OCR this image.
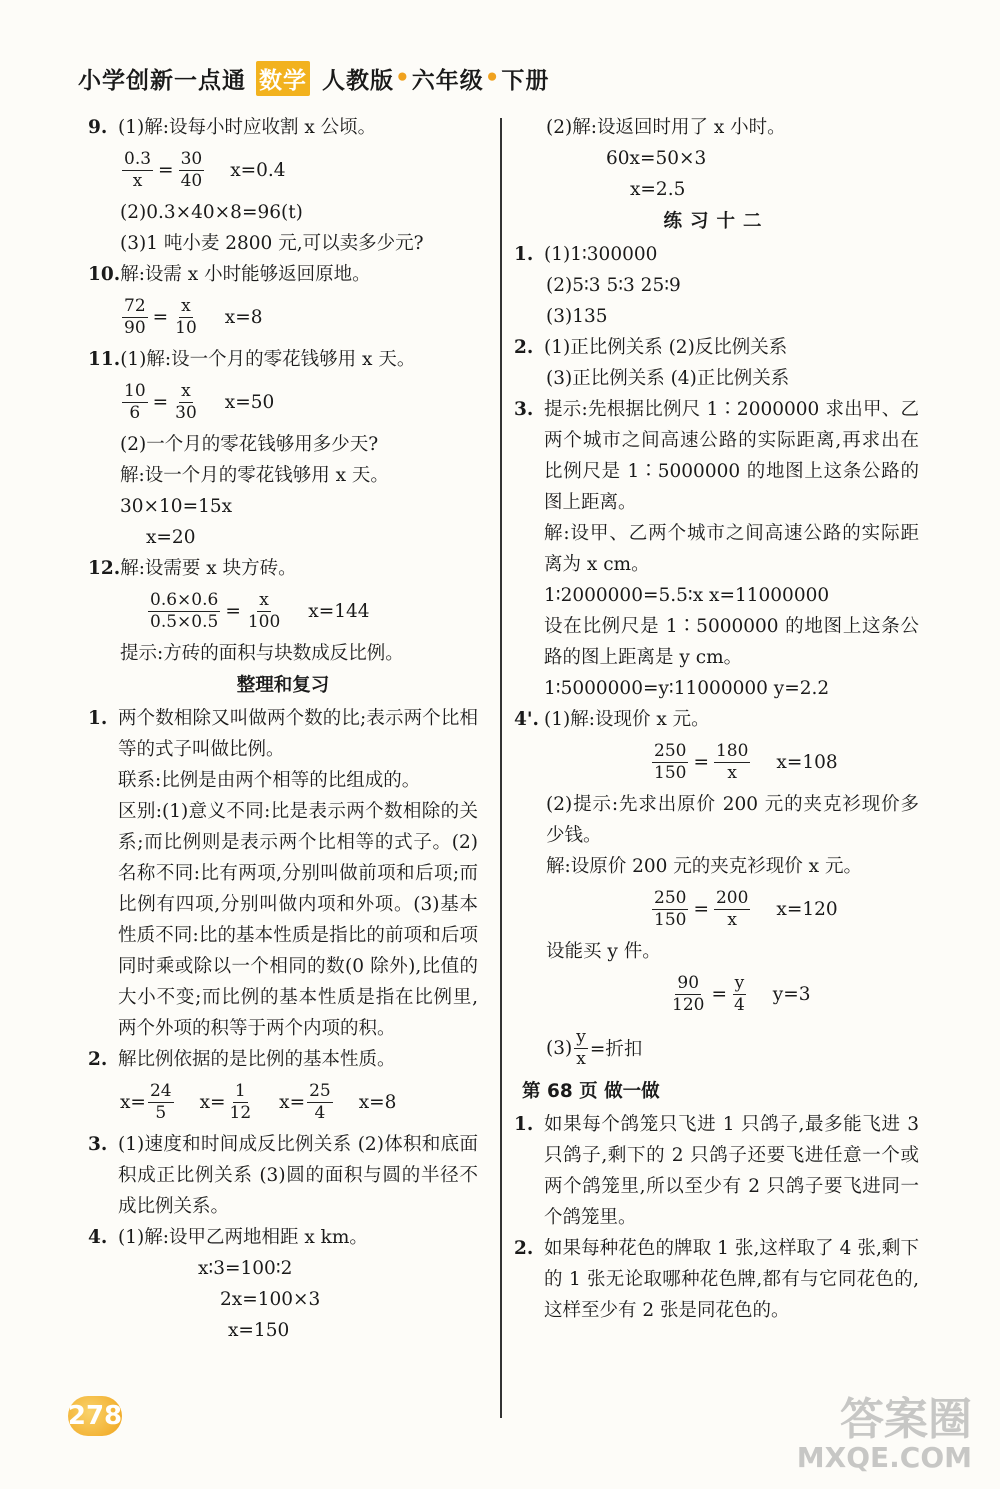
小学创新一点通 数学 人教版 • 六年级 • 下册

9. (1)解:设每小时应收割 x 公顷。

$\frac{0.3}{x} = \frac{30}{40} x=0.4$

(2)0.3×40×8=96(t)

(3)1 吨小麦 2800 元,可以卖多少元?

10.解:设需 x 小时能够返回原地。

$\frac{72}{90} = \frac{x}{10} x=8$

11.(1)解:设一个月的零花钱够用 x 天。

$\frac{10}{6} = \frac{x}{30} x=50$

(2)一个月的零花钱够用多少天?

解:设一个月的零花钱够用 x 天。

30×10=15x

x=20

12.解:设需要 x 块方砖。

$\frac{0.6\times 0.6}{0.5\times 0.5} = \frac{x}{100} x=144$

提示:方砖的面积与块数成反比例。

整理和复习
1. 两个数相除又叫做两个数的比;表示两个比相等的式子叫做比例。

联系:比例是由两个相等的比组成的。

区别:(1)意义不同:比是表示两个数相除的关系;而比例则是表示两个比相等的式子。(2)名称不同:比有两项,分别叫做前项和后项;而比例有四项,分别叫做内项和外项。(3)基本性质不同:比的基本性质是指比的前项和后项同时乘或除以一个相同的数(0 除外),比值的大小不变;而比例的基本性质是指在比例里,两个外项的积等于两个内项的积。

2. 解比例依据的是比例的基本性质。

$x= \frac{24}{5} x= \frac{1}{12} x= \frac{25}{4} x=8$
3. (1)速度和时间成反比例关系 (2)体积和底面积成正比例关系 (3)圆的面积与圆的半径不成比例关系。

4. (1)解:设甲乙两地相距 x km。

x∶3=100∶2

2x=100×3

x=150

(2)解:设返回时用了 x 小时。

60x=50×3

x=2.5

练习十二

1. (1)1∶300000

(2)5∶3 5∶3 25∶9

(3)135

2. (1)正比例关系 (2)反比例关系

(3)正比例关系 (4)正比例关系

3. 提示:先根据比例尺 1∶2000000 求出甲、乙两个城市之间高速公路的实际距离,再求出在比例尺是 1∶5000000 的地图上这条公路的图上距离。

解:设甲、乙两个城市之间高速公路的实际距离为 x cm。

1∶2000000=5.5∶x x=11000000

设在比例尺是 1∶5000000 的地图上这条公路的图上距离是 y cm。

1∶5000000=y∶11000000 y=2.2

4'. (1)解:设现价 x 元。

$\frac{250}{150} = \frac{180}{x} x=108$

(2)提示:先求出原价 200 元的夹克衫现价多少钱。

解:设原价 200 元的夹克衫现价 x 元。

$\frac{250}{150} = \frac{200}{x} x=120$

设能买 y 件。

$\frac{90}{120} = \frac{y}{4} y=3$
$(3) \frac{y}{x}$ =折扣
第 68 页 做一做
1. 如果每个鸽笼只飞进 1 只鸽子,最多能飞进 3 只鸽子,剩下的 2 只鸽子还要飞进任意一个或两个鸽笼里,所以至少有 2 只鸽子要飞进同一个鸽笼里。

2. 如果每种花色的牌取 1 张,这样取了 4 张,剩下的 1 张无论取哪种花色牌,都有与它同花色的,这样至少有 2 张是同花色的。

278	答案圈
MXQE.COM
